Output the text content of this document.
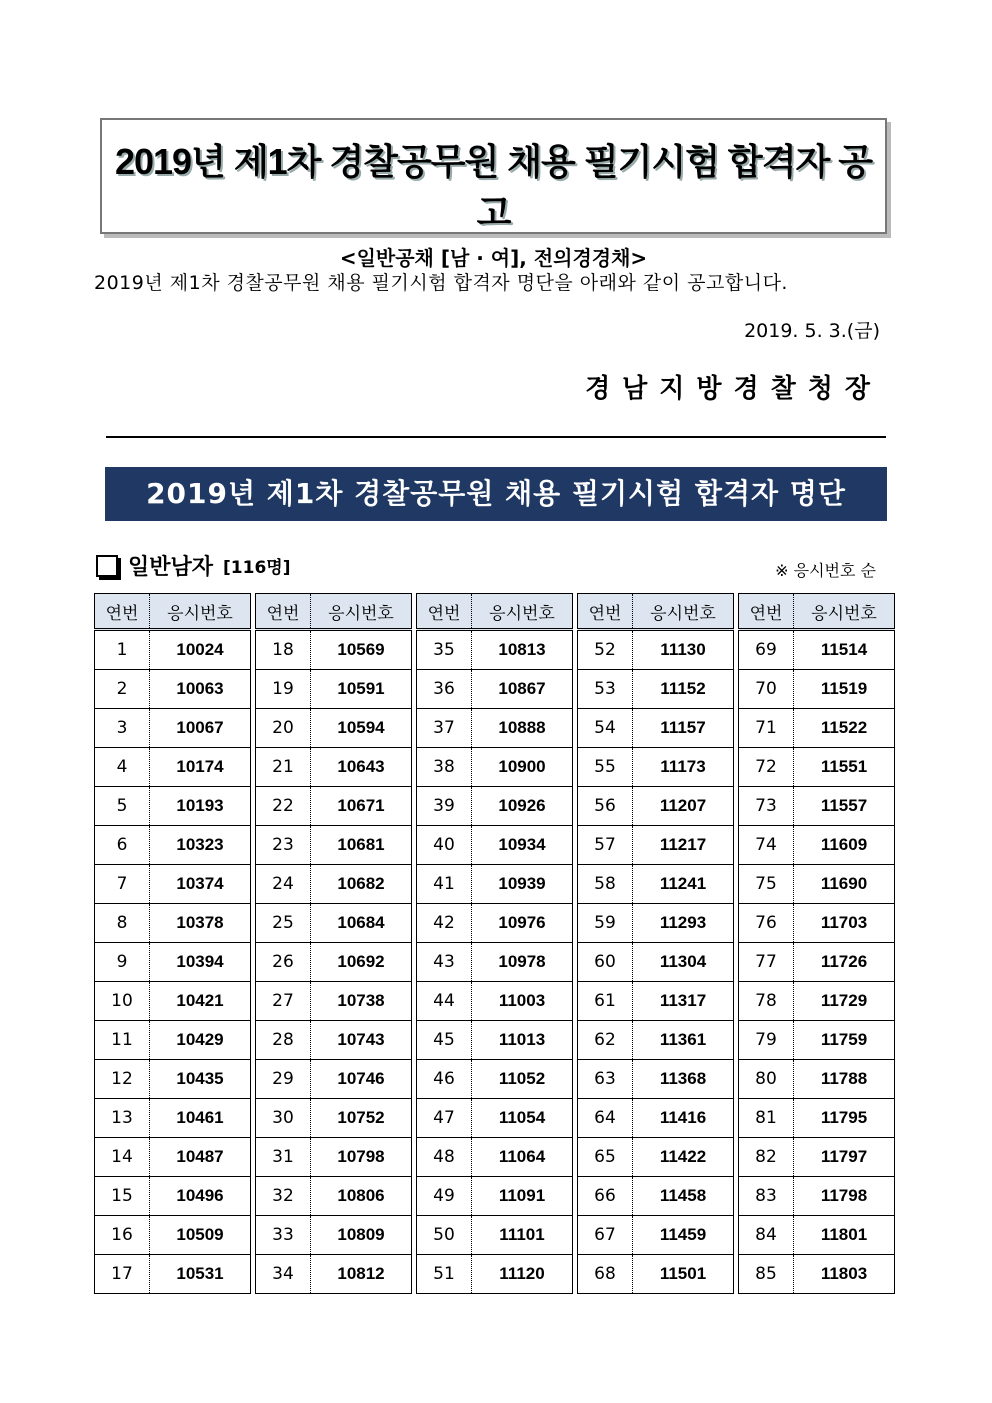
2019년 제1차 경찰공무원 채용 필기시험 합격자 공고
<일반공채 [남 · 여], 전의경경채>
2019년 제1차 경찰공무원 채용 필기시험 합격자 명단을 아래와 같이 공고합니다.
2019. 5. 3.(금)
경남지방경찰청장
2019년 제1차 경찰공무원 채용 필기시험 합격자 명단
일반남자 [116명]	※ 응시번호 순
연번	응시번호
1	10024
2	10063
3	10067
4	10174
5	10193
6	10323
7	10374
8	10378
9	10394
10	10421
11	10429
12	10435
13	10461
14	10487
15	10496
16	10509
17	10531
연번	응시번호
18	10569
19	10591
20	10594
21	10643
22	10671
23	10681
24	10682
25	10684
26	10692
27	10738
28	10743
29	10746
30	10752
31	10798
32	10806
33	10809
34	10812
연번	응시번호
35	10813
36	10867
37	10888
38	10900
39	10926
40	10934
41	10939
42	10976
43	10978
44	11003
45	11013
46	11052
47	11054
48	11064
49	11091
50	11101
51	11120
연번	응시번호
52	11130
53	11152
54	11157
55	11173
56	11207
57	11217
58	11241
59	11293
60	11304
61	11317
62	11361
63	11368
64	11416
65	11422
66	11458
67	11459
68	11501
연번	응시번호
69	11514
70	11519
71	11522
72	11551
73	11557
74	11609
75	11690
76	11703
77	11726
78	11729
79	11759
80	11788
81	11795
82	11797
83	11798
84	11801
85	11803
